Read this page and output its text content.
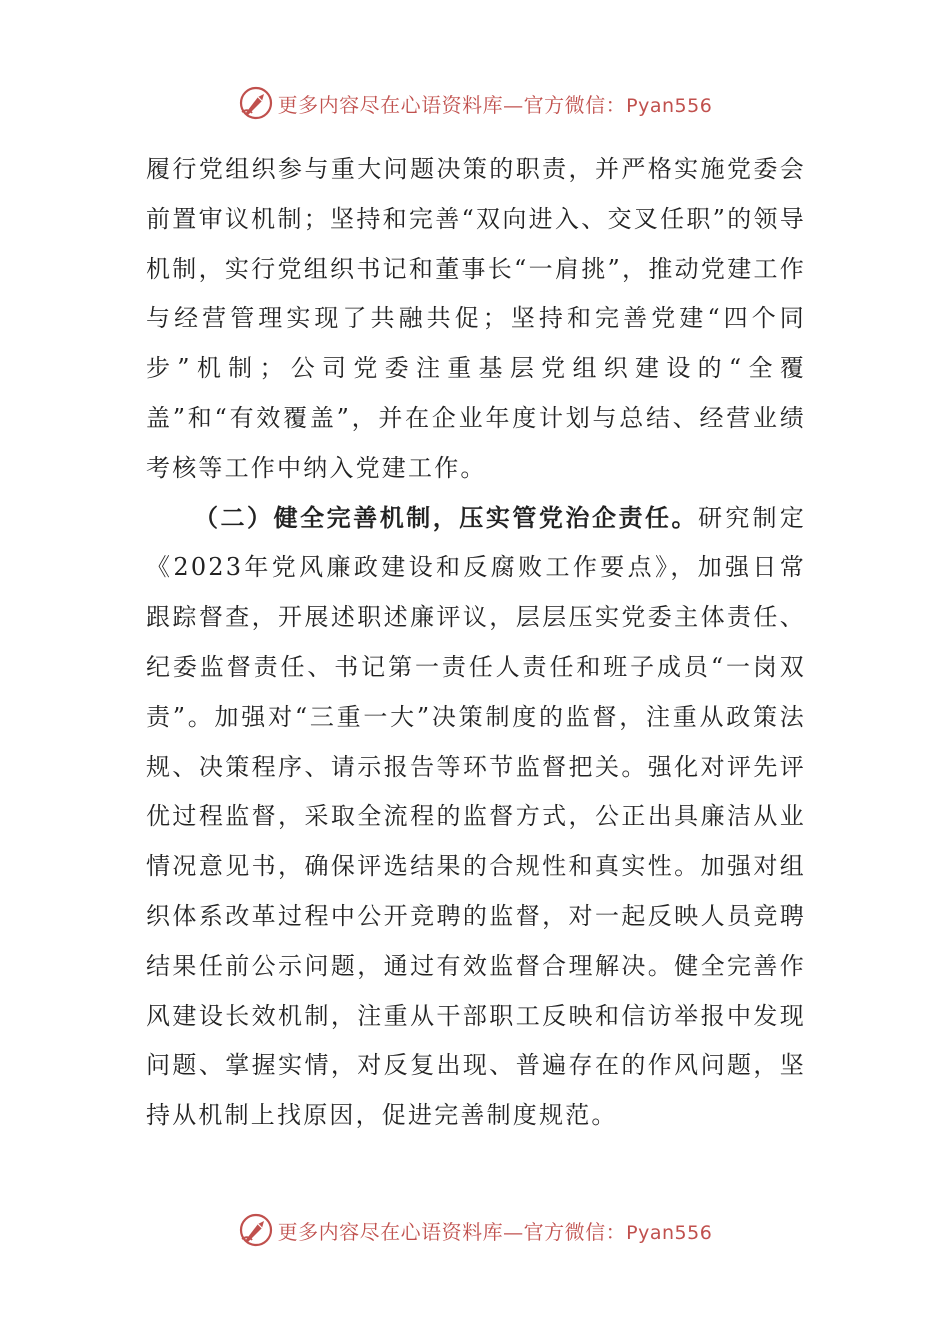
更多内容尽在心语资料库—官方微信：Pyan556

履行党组织参与重大问题决策的职责，并严格实施党委会前置审议机制；坚持和完善“双向进入、交叉任职”的领导机制，实行党组织书记和董事长“一肩挑”，推动党建工作与经营管理实现了共融共促；坚持和完善党建“四个同步”机制；公司党委注重基层党组织建设的“全覆盖”和“有效覆盖”，并在企业年度计划与总结、经营业绩考核等工作中纳入党建工作。

（二）健全完善机制，压实管党治企责任。研究制定《2023年党风廉政建设和反腐败工作要点》，加强日常跟踪督查，开展述职述廉评议，层层压实党委主体责任、纪委监督责任、书记第一责任人责任和班子成员“一岗双责”。加强对“三重一大”决策制度的监督，注重从政策法规、决策程序、请示报告等环节监督把关。强化对评先评优过程监督，采取全流程的监督方式，公正出具廉洁从业情况意见书，确保评选结果的合规性和真实性。加强对组织体系改革过程中公开竞聘的监督，对一起反映人员竞聘结果任前公示问题，通过有效监督合理解决。健全完善作风建设长效机制，注重从干部职工反映和信访举报中发现问题、掌握实情，对反复出现、普遍存在的作风问题，坚持从机制上找原因，促进完善制度规范。

更多内容尽在心语资料库—官方微信：Pyan556
